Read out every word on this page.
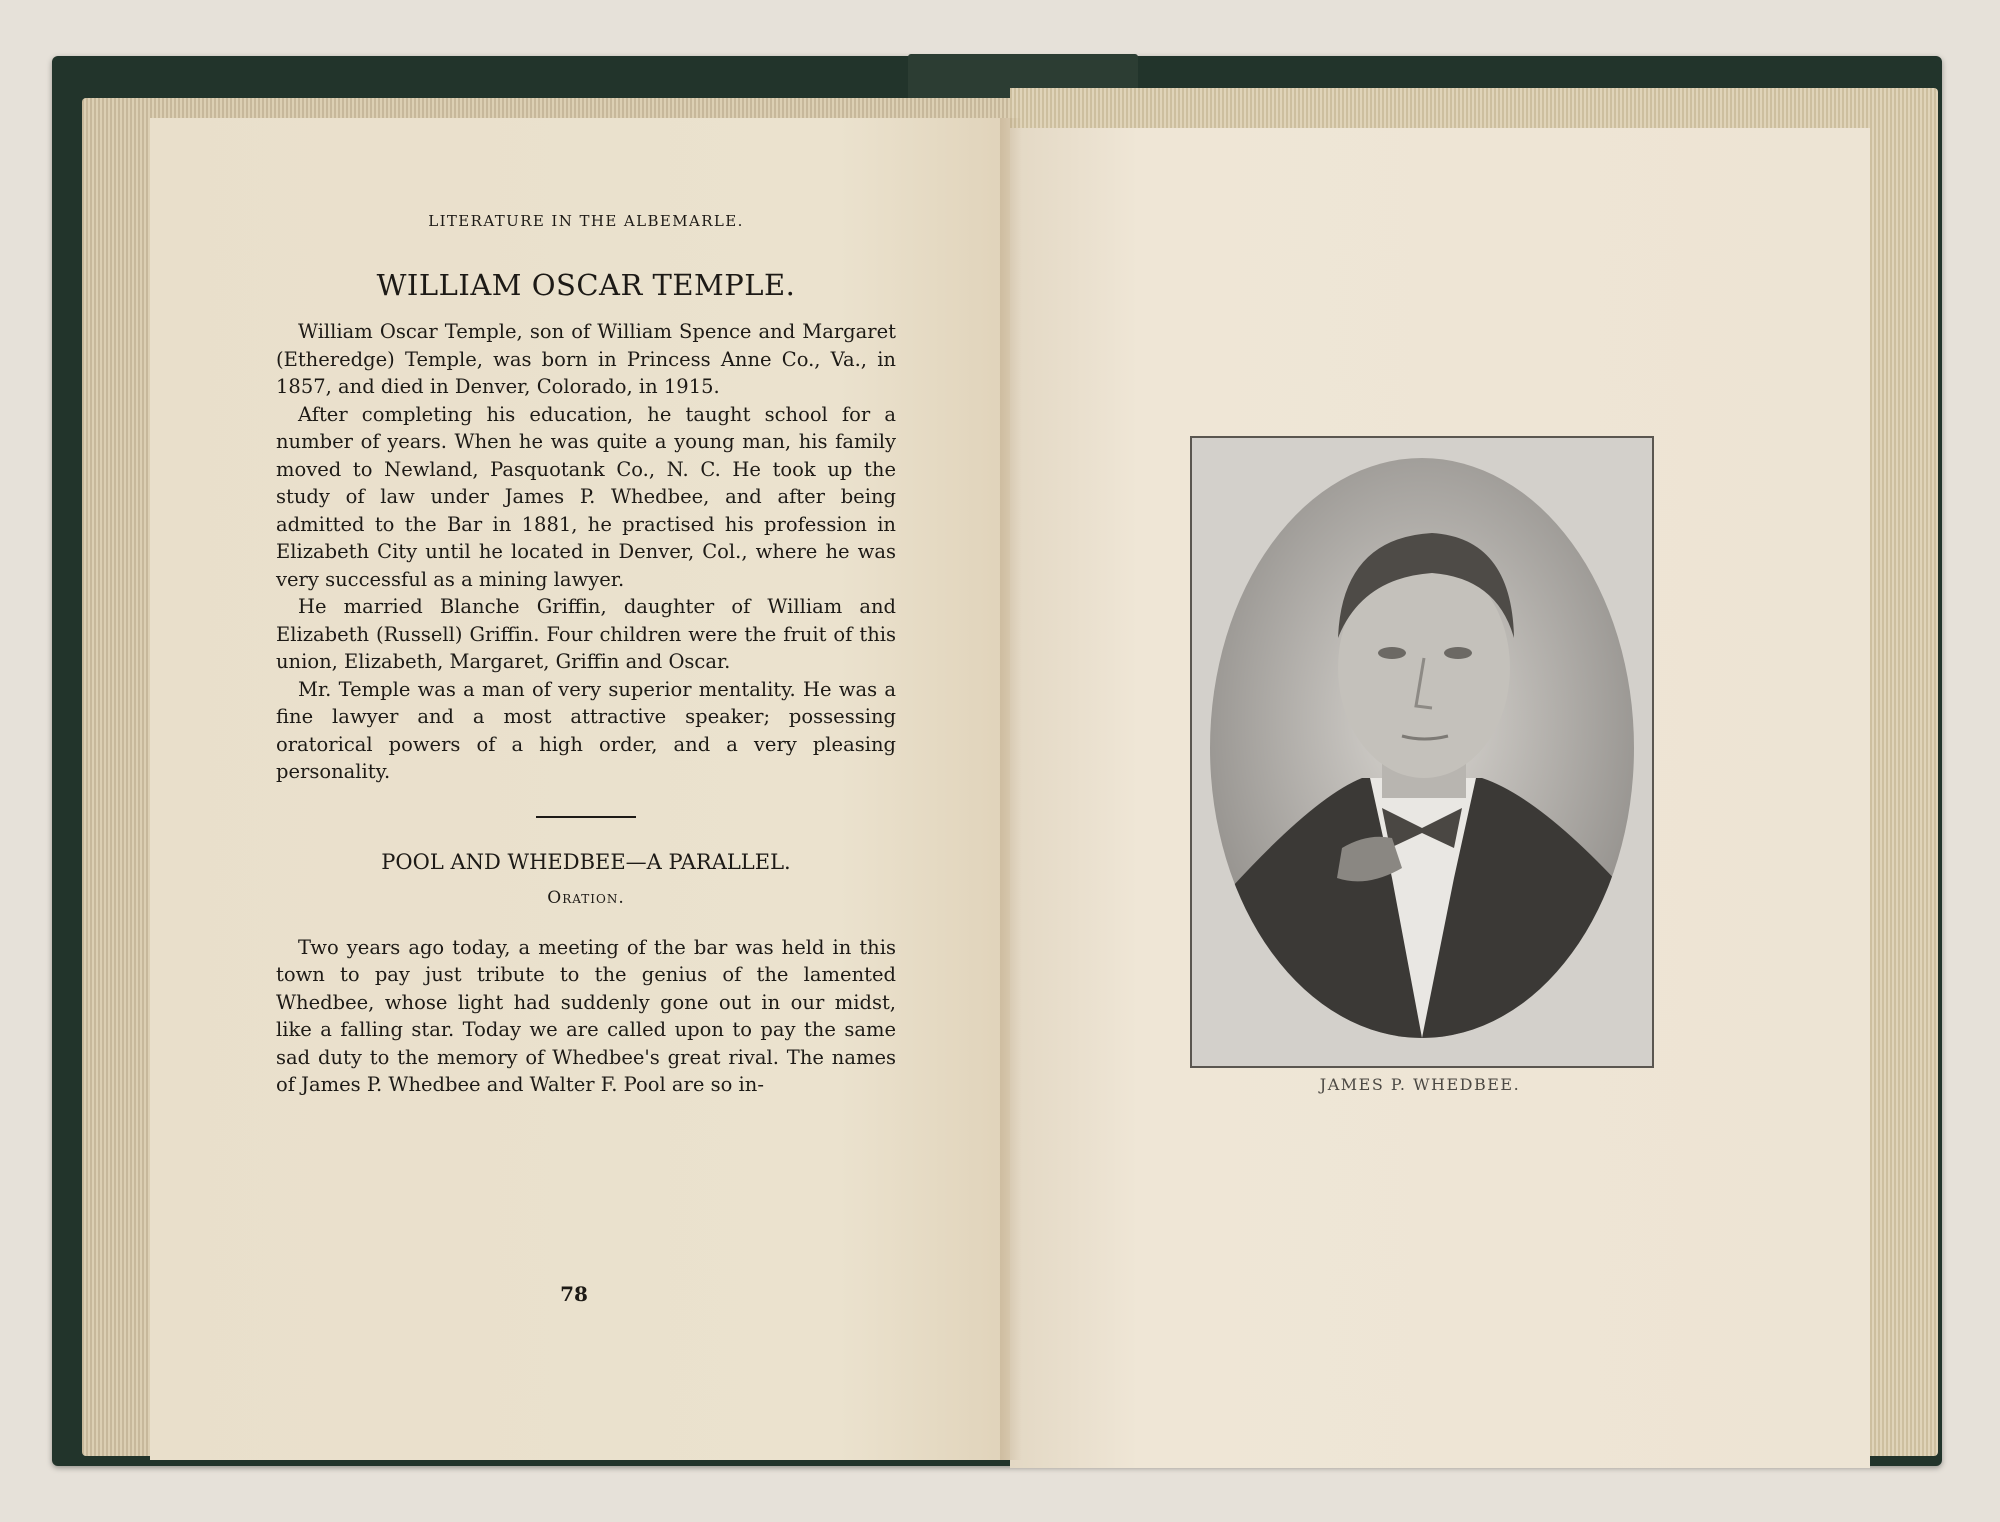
LITERATURE IN THE ALBEMARLE.
WILLIAM OSCAR TEMPLE.

William Oscar Temple, son of William Spence and Margaret (Etheredge) Temple, was born in Princess Anne Co., Va., in 1857, and died in Denver, Colorado, in 1915.

After completing his education, he taught school for a number of years. When he was quite a young man, his family moved to Newland, Pasquotank Co., N. C. He took up the study of law under James P. Whedbee, and after being admitted to the Bar in 1881, he practised his profession in Elizabeth City until he located in Denver, Col., where he was very successful as a mining lawyer.

He married Blanche Griffin, daughter of William and Elizabeth (Russell) Griffin. Four children were the fruit of this union, Elizabeth, Margaret, Griffin and Oscar.

Mr. Temple was a man of very superior mentality. He was a fine lawyer and a most attractive speaker; possessing oratorical powers of a high order, and a very pleasing personality.

POOL AND WHEDBEE—A PARALLEL.
Oration.

Two years ago today, a meeting of the bar was held in this town to pay just tribute to the genius of the lamented Whedbee, whose light had suddenly gone out in our midst, like a falling star. Today we are called upon to pay the same sad duty to the memory of Whedbee's great rival. The names of James P. Whedbee and Walter F. Pool are so in-

78
JAMES P. WHEDBEE.
